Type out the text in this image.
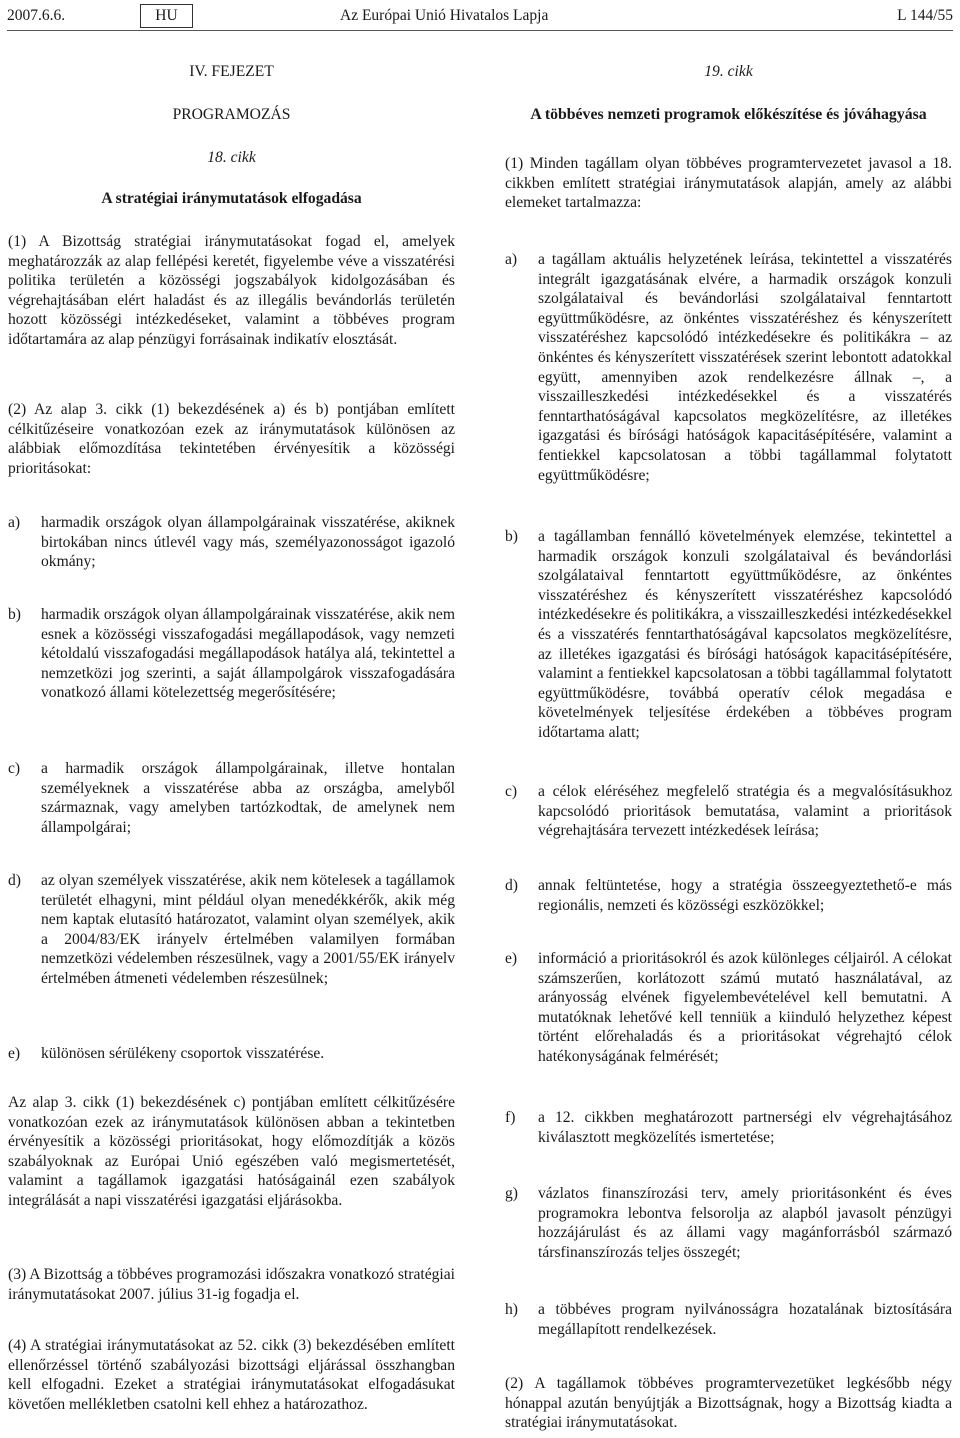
2007.6.6.	HU	Az Európai Unió Hivatalos Lapja	L 144/55
IV. FEJEZET
PROGRAMOZÁS
18. cikk
A stratégiai iránymutatások elfogadása
(1) A Bizottság stratégiai iránymutatásokat fogad el, amelyek meghatározzák az alap fellépési keretét, figyelembe véve a visszatérési politika területén a közösségi jogszabályok kidolgozásában és végrehajtásában elért haladást és az illegális bevándorlás területén hozott közösségi intézkedéseket, valamint a többéves program időtartamára az alap pénzügyi forrásainak indikatív elosztását.
(2) Az alap 3. cikk (1) bekezdésének a) és b) pontjában említett célkitűzéseire vonatkozóan ezek az iránymutatások különösen az alábbiak előmozdítása tekintetében érvényesítik a közösségi prioritásokat:
a) harmadik országok olyan állampolgárainak visszatérése, akiknek birtokában nincs útlevél vagy más, személyazonosságot igazoló okmány;
b) harmadik országok olyan állampolgárainak visszatérése, akik nem esnek a közösségi visszafogadási megállapodások, vagy nemzeti kétoldalú visszafogadási megállapodások hatálya alá, tekintettel a nemzetközi jog szerinti, a saját állampolgárok visszafogadására vonatkozó állami kötelezettség megerősítésére;
c) a harmadik országok állampolgárainak, illetve hontalan személyeknek a visszatérése abba az országba, amelyből származnak, vagy amelyben tartózkodtak, de amelynek nem állampolgárai;
d) az olyan személyek visszatérése, akik nem kötelesek a tagállamok területét elhagyni, mint például olyan menedékkérők, akik még nem kaptak elutasító határozatot, valamint olyan személyek, akik a 2004/83/EK irányelv értelmében valamilyen formában nemzetközi védelemben részesülnek, vagy a 2001/55/EK irányelv értelmében átmeneti védelemben részesülnek;
e) különösen sérülékeny csoportok visszatérése.
Az alap 3. cikk (1) bekezdésének c) pontjában említett célkitűzésére vonatkozóan ezek az iránymutatások különösen abban a tekintetben érvényesítik a közösségi prioritásokat, hogy előmozdítják a közös szabályoknak az Európai Unió egészében való megismertetését, valamint a tagállamok igazgatási hatóságainál ezen szabályok integrálását a napi visszatérési igazgatási eljárásokba.
(3) A Bizottság a többéves programozási időszakra vonatkozó stratégiai iránymutatásokat 2007. július 31-ig fogadja el.
(4) A stratégiai iránymutatásokat az 52. cikk (3) bekezdésében említett ellenőrzéssel történő szabályozási bizottsági eljárással összhangban kell elfogadni. Ezeket a stratégiai iránymutatásokat elfogadásukat követően mellékletben csatolni kell ehhez a határozathoz.
19. cikk
A többéves nemzeti programok előkészítése és jóváhagyása
(1) Minden tagállam olyan többéves programtervezetet javasol a 18. cikkben említett stratégiai iránymutatások alapján, amely az alábbi elemeket tartalmazza:
a) a tagállam aktuális helyzetének leírása, tekintettel a visszatérés integrált igazgatásának elvére, a harmadik országok konzuli szolgálataival és bevándorlási szolgálataival fenntartott együttműködésre, az önkéntes visszatéréshez és kényszerített visszatéréshez kapcsolódó intézkedésekre és politikákra – az önkéntes és kényszerített visszatérések szerint lebontott adatokkal együtt, amennyiben azok rendelkezésre állnak –, a visszailleszkedési intézkedésekkel és a visszatérés fenntarthatóságával kapcsolatos megközelítésre, az illetékes igazgatási és bírósági hatóságok kapacitásépítésére, valamint a fentiekkel kapcsolatosan a többi tagállammal folytatott együttműködésre;
b) a tagállamban fennálló követelmények elemzése, tekintettel a harmadik országok konzuli szolgálataival és bevándorlási szolgálataival fenntartott együttműködésre, az önkéntes visszatéréshez és kényszerített visszatéréshez kapcsolódó intézkedésekre és politikákra, a visszailleszkedési intézkedésekkel és a visszatérés fenntarthatóságával kapcsolatos megközelítésre, az illetékes igazgatási és bírósági hatóságok kapacitásépítésére, valamint a fentiekkel kapcsolatosan a többi tagállammal folytatott együttműködésre, továbbá operatív célok megadása e követelmények teljesítése érdekében a többéves program időtartama alatt;
c) a célok eléréséhez megfelelő stratégia és a megvalósításukhoz kapcsolódó prioritások bemutatása, valamint a prioritások végrehajtására tervezett intézkedések leírása;
d) annak feltüntetése, hogy a stratégia összeegyeztethető-e más regionális, nemzeti és közösségi eszközökkel;
e) információ a prioritásokról és azok különleges céljairól. A célokat számszerűen, korlátozott számú mutató használatával, az arányosság elvének figyelembevételével kell bemutatni. A mutatóknak lehetővé kell tenniük a kiinduló helyzethez képest történt előrehaladás és a prioritásokat végrehajtó célok hatékonyságának felmérését;
f) a 12. cikkben meghatározott partnerségi elv végrehajtásához kiválasztott megközelítés ismertetése;
g) vázlatos finanszírozási terv, amely prioritásonként és éves programokra lebontva felsorolja az alapból javasolt pénzügyi hozzájárulást és az állami vagy magánforrásból származó társfinanszírozás teljes összegét;
h) a többéves program nyilvánosságra hozatalának biztosítására megállapított rendelkezések.
(2) A tagállamok többéves programtervezetüket legkésőbb négy hónappal azután benyújtják a Bizottságnak, hogy a Bizottság kiadta a stratégiai iránymutatásokat.
